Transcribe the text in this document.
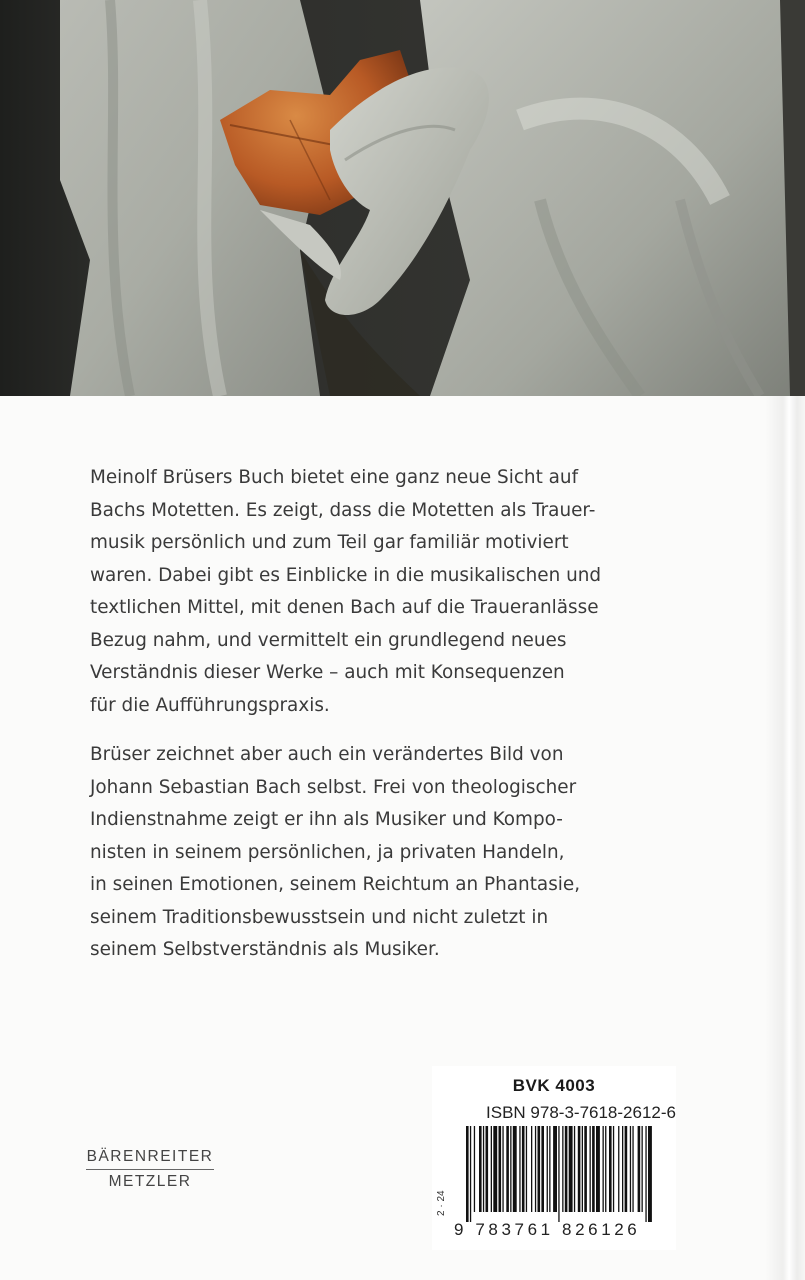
Meinolf Brüsers Buch bietet eine ganz neue Sicht auf
Bachs Motetten. Es zeigt, dass die Motetten als Trauer-
musik persönlich und zum Teil gar familiär motiviert
waren. Dabei gibt es Einblicke in die musikalischen und
textlichen Mittel, mit denen Bach auf die Traueranlässe
Bezug nahm, und vermittelt ein grundlegend neues
Verständnis dieser Werke – auch mit Konsequenzen
für die Aufführungspraxis.

Brüser zeichnet aber auch ein verändertes Bild von
Johann Sebastian Bach selbst. Frei von theologischer
Indienstnahme zeigt er ihn als Musiker und Kompo-
nisten in seinem persönlichen, ja privaten Handeln,
in seinen Emotionen, seinem Reichtum an Phantasie,
seinem Traditionsbewusstsein und nicht zuletzt in
seinem Selbstverständnis als Musiker.

BÄRENREITER
METZLER
BVK 4003
ISBN 978-3-7618-2612-6
2 · 24
9 783761 826126
